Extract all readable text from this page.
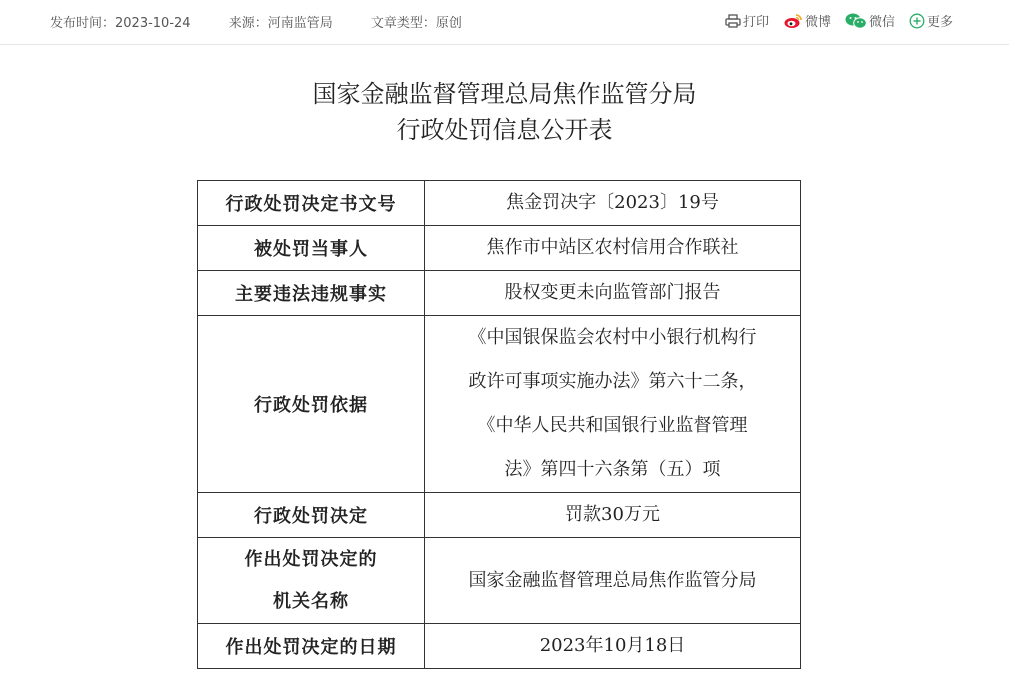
发布时间：2023-10-24	来源：河南监管局	文章类型：原创	打印	微博	微信 更多
国家金融监督管理总局焦作监管分局
行政处罚信息公开表
行政处罚决定书文号	焦金罚决字〔2023〕19号
被处罚当事人	焦作市中站区农村信用合作联社
主要违法违规事实	股权变更未向监管部门报告
行政处罚依据	《中国银保监会农村中小银行机构行
政许可事项实施办法》第六十二条，
《中华人民共和国银行业监督管理
法》第四十六条第（五）项

行政处罚决定	罚款30万元

作出处罚决定的
机关名称	国家金融监督管理总局焦作监管分局
作出处罚决定的日期	2023年10月18日
